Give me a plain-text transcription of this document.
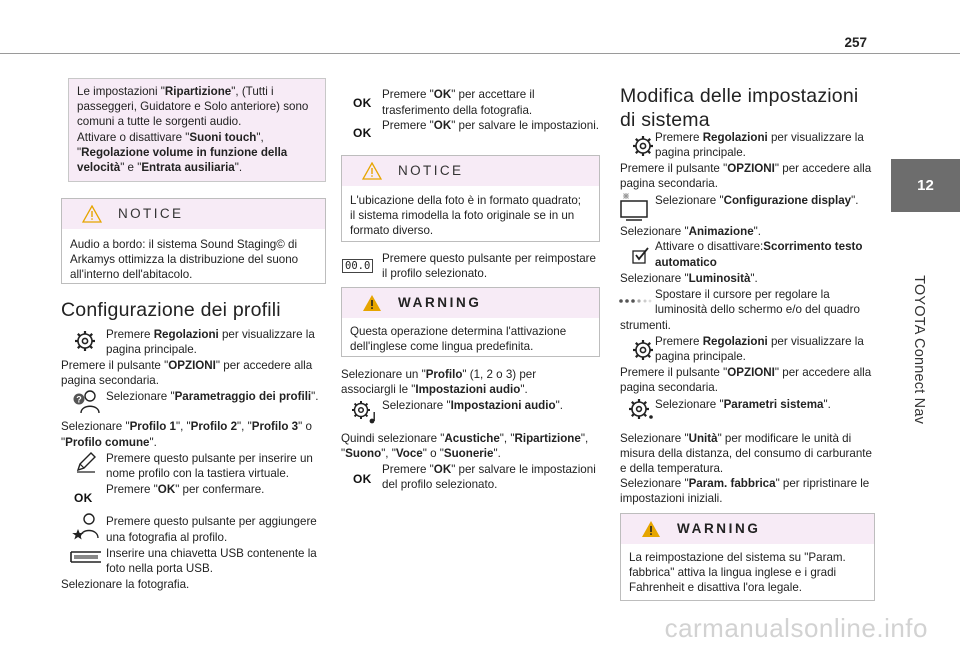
257
12
TOYOTA Connect Nav
Le impostazioni "Ripartizione", (Tutti i
passeggeri, Guidatore e Solo anteriore) sono
comuni a tutte le sorgenti audio.
Attivare o disattivare "Suoni touch",
"Regolazione volume in funzione della
velocità" e "Entrata ausiliaria".
NOTICE
Audio a bordo: il sistema Sound Staging© di
Arkamys ottimizza la distribuzione del suono
all'interno dell'abitacolo.
Configurazione dei profili
Premere Regolazioni per visualizzare la
pagina principale.
Premere il pulsante "OPZIONI" per accedere alla
pagina secondaria.
? Selezionare "Parametraggio dei profili".
Selezionare "Profilo 1", "Profilo 2", "Profilo 3" o
"Profilo comune".
Premere questo pulsante per inserire un
nome profilo con la tastiera virtuale.
Premere "OK" per confermare.
OK
Premere questo pulsante per aggiungere
una fotografia al profilo.
Inserire una chiavetta USB contenente la
foto nella porta USB.
Selezionare la fotografia.
OK
Premere "OK" per accettare il
trasferimento della fotografia.
OK
Premere "OK" per salvare le impostazioni.
NOTICE
L'ubicazione della foto è in formato quadrato;
il sistema rimodella la foto originale se in un
formato diverso.
00.0
Premere questo pulsante per reimpostare
il profilo selezionato.
WARNING
Questa operazione determina l'attivazione
dell'inglese come lingua predefinita.
Selezionare un "Profilo" (1, 2 o 3) per
associargli le "Impostazioni audio".
Selezionare "Impostazioni audio".
Quindi selezionare "Acustiche", "Ripartizione",
"Suono", "Voce" o "Suonerie".
OK
Premere "OK" per salvare le impostazioni
del profilo selezionato.
Modifica delle impostazioni
di sistema
Premere Regolazioni per visualizzare la
pagina principale.
Premere il pulsante "OPZIONI" per accedere alla
pagina secondaria.
Selezionare "Configurazione display".
Selezionare "Animazione".
Attivare o disattivare:Scorrimento testo
automatico
Selezionare "Luminosità".
Spostare il cursore per regolare la
luminosità dello schermo e/o del quadro
strumenti.
Premere Regolazioni per visualizzare la
pagina principale.
Premere il pulsante "OPZIONI" per accedere alla
pagina secondaria.
Selezionare "Parametri sistema".
Selezionare "Unità" per modificare le unità di
misura della distanza, del consumo di carburante
e della temperatura.
Selezionare "Param. fabbrica" per ripristinare le
impostazioni iniziali.
WARNING
La reimpostazione del sistema su "Param.
fabbrica" attiva la lingua inglese e i gradi
Fahrenheit e disattiva l'ora legale.
carmanualsonline.info
